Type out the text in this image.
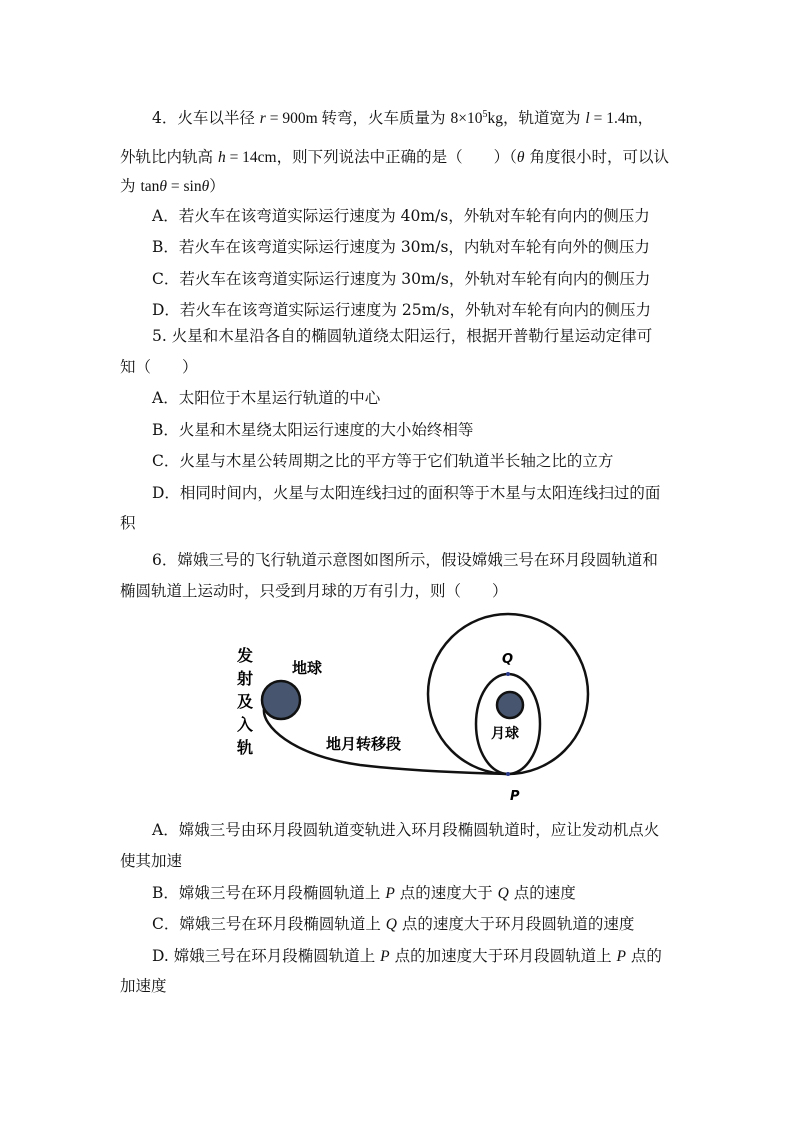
4．火车以半径 r = 900m 转弯，火车质量为 $8\times 10^5kg$，轨道宽为 l = 1.4m，
外轨比内轨高 h = 14cm，则下列说法中正确的是（　　）（θ 角度很小时，可以认
为 tanθ = sinθ）
A．若火车在该弯道实际运行速度为 40m/s，外轨对车轮有向内的侧压力
B．若火车在该弯道实际运行速度为 30m/s，内轨对车轮有向外的侧压力
C．若火车在该弯道实际运行速度为 30m/s，外轨对车轮有向内的侧压力
D．若火车在该弯道实际运行速度为 25m/s，外轨对车轮有向内的侧压力
5. 火星和木星沿各自的椭圆轨道绕太阳运行，根据开普勒行星运动定律可
知（　　）
A．太阳位于木星运行轨道的中心
B．火星和木星绕太阳运行速度的大小始终相等
C．火星与木星公转周期之比的平方等于它们轨道半长轴之比的立方
D．相同时间内，火星与太阳连线扫过的面积等于木星与太阳连线扫过的面
积
6．嫦娥三号的飞行轨道示意图如图所示，假设嫦娥三号在环月段圆轨道和
椭圆轨道上运动时，只受到月球的万有引力，则（　　）
发
射
及
入
轨
地球
地月转移段
月球
Q
P
A．嫦娥三号由环月段圆轨道变轨进入环月段椭圆轨道时，应让发动机点火
使其加速
B．嫦娥三号在环月段椭圆轨道上 P 点的速度大于 Q 点的速度
C．嫦娥三号在环月段椭圆轨道上 Q 点的速度大于环月段圆轨道的速度
D. 嫦娥三号在环月段椭圆轨道上 P 点的加速度大于环月段圆轨道上 P 点的
加速度
